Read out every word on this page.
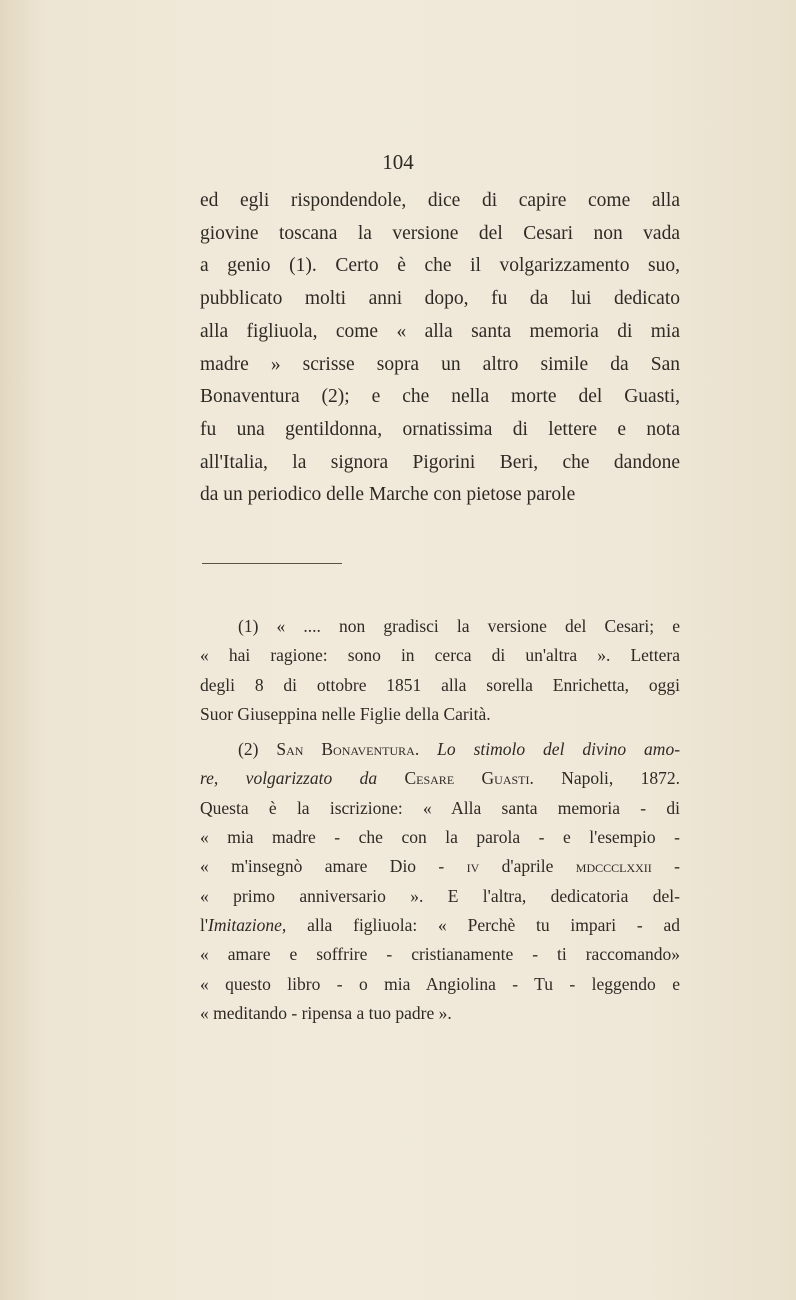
104
ed egli rispondendole, dice di capire come alla
giovine toscana la versione del Cesari non vada
a genio (1). Certo è che il volgarizzamento suo,
pubblicato molti anni dopo, fu da lui dedicato
alla figliuola, come « alla santa memoria di mia
madre » scrisse sopra un altro simile da San
Bonaventura (2); e che nella morte del Guasti,
fu una gentildonna, ornatissima di lettere e nota
all'Italia, la signora Pigorini Beri, che dandone
da un periodico delle Marche con pietose parole
(1) « .... non gradisci la versione del Cesari; e
« hai ragione: sono in cerca di un'altra ». Lettera
degli 8 di ottobre 1851 alla sorella Enrichetta, oggi
Suor Giuseppina nelle Figlie della Carità.
(2) San Bonaventura. Lo stimolo del divino amo-
re, volgarizzato da Cesare Guasti. Napoli, 1872.
Questa è la iscrizione: « Alla santa memoria - di
« mia madre - che con la parola - e l'esempio -
« m'insegnò amare Dio - iv d'aprile mdccclxxii -
« primo anniversario ». E l'altra, dedicatoria del-
l'Imitazione, alla figliuola: « Perchè tu impari - ad
« amare e soffrire - cristianamente - ti raccomando»
« questo libro - o mia Angiolina - Tu - leggendo e
« meditando - ripensa a tuo padre ».
